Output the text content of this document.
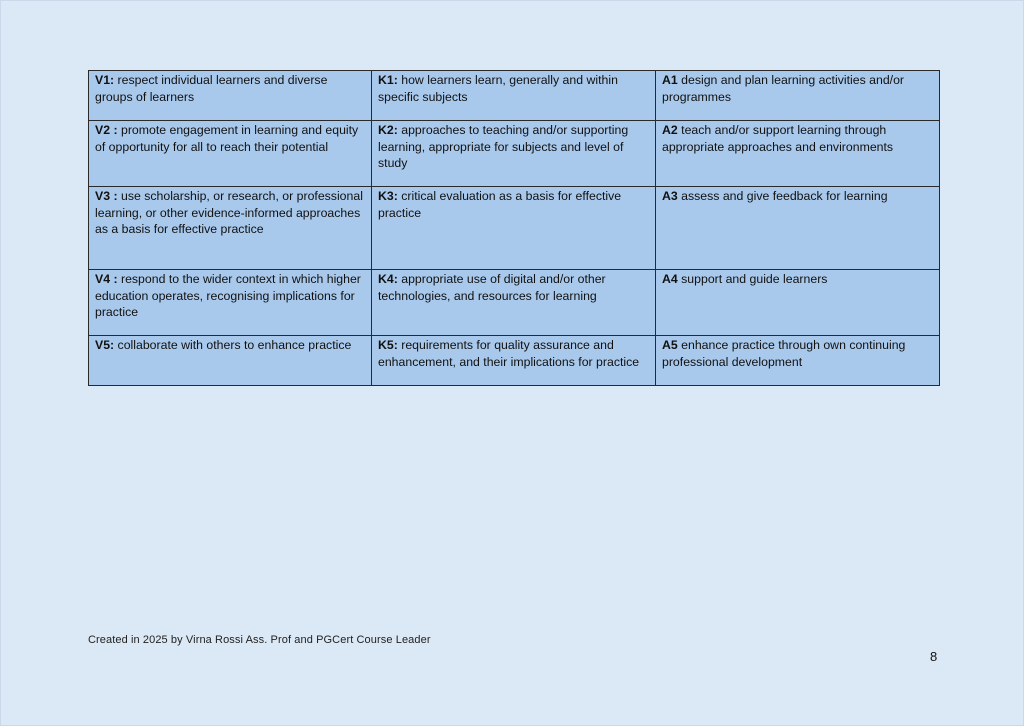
V1: respect individual learners and diverse groups of learners	K1: how learners learn, generally and within specific subjects	A1 design and plan learning activities and/or programmes
V2 : promote engagement in learning and equity of opportunity for all to reach their potential	K2: approaches to teaching and/or supporting learning, appropriate for subjects and level of study	A2 teach and/or support learning through appropriate approaches and environments
V3 : use scholarship, or research, or professional learning, or other evidence-informed approaches as a basis for effective practice	K3: critical evaluation as a basis for effective practice	A3 assess and give feedback for learning
V4 : respond to the wider context in which higher education operates, recognising implications for practice	K4: appropriate use of digital and/or other technologies, and resources for learning	A4 support and guide learners
V5: collaborate with others to enhance practice	K5: requirements for quality assurance and enhancement, and their implications for practice	A5 enhance practice through own continuing professional development
Created in 2025 by Virna Rossi Ass. Prof and PGCert Course Leader
8
